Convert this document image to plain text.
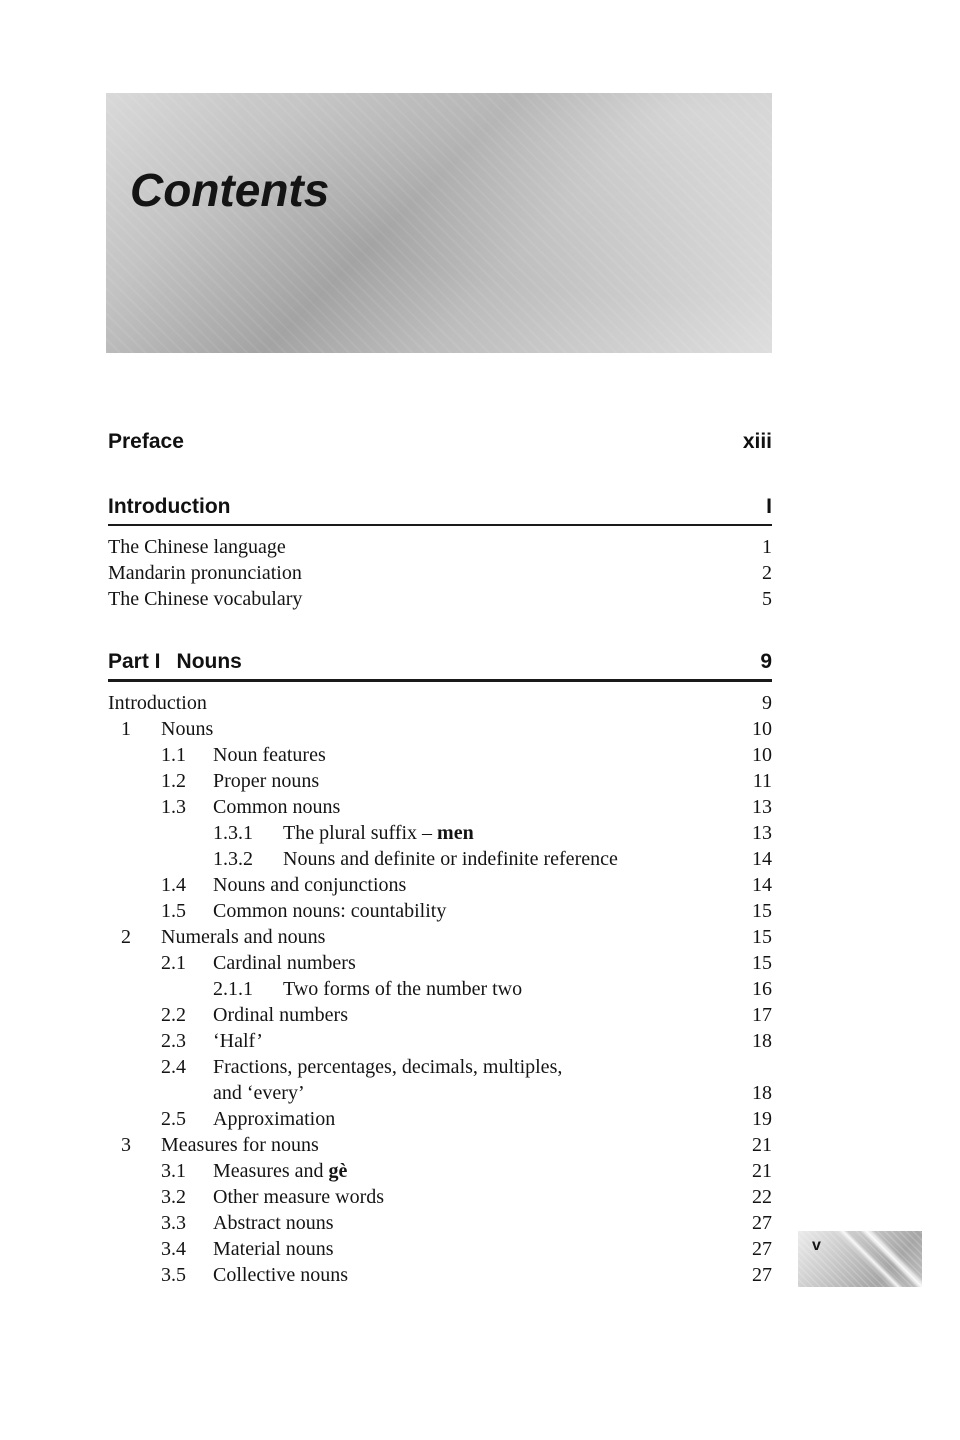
Contents
Preface	xiii
Introduction	I
The Chinese language	1
Mandarin pronunciation	2
The Chinese vocabulary	5
Part I Nouns	9
Introduction	9
1	Nouns	10
1.1	Noun features	10
1.2	Proper nouns	11
1.3	Common nouns	13
1.3.1	The plural suffix – men	13
1.3.2	Nouns and definite or indefinite reference	14
1.4	Nouns and conjunctions	14
1.5	Common nouns: countability	15
2	Numerals and nouns	15
2.1	Cardinal numbers	15
2.1.1	Two forms of the number two	16
2.2	Ordinal numbers	17
2.3	‘Half’	18
2.4	Fractions, percentages, decimals, multiples,
and ‘every’	18
2.5	Approximation	19
3	Measures for nouns	21
3.1	Measures and gè	21
3.2	Other measure words	22
3.3	Abstract nouns	27
3.4	Material nouns	27
3.5	Collective nouns	27
v
